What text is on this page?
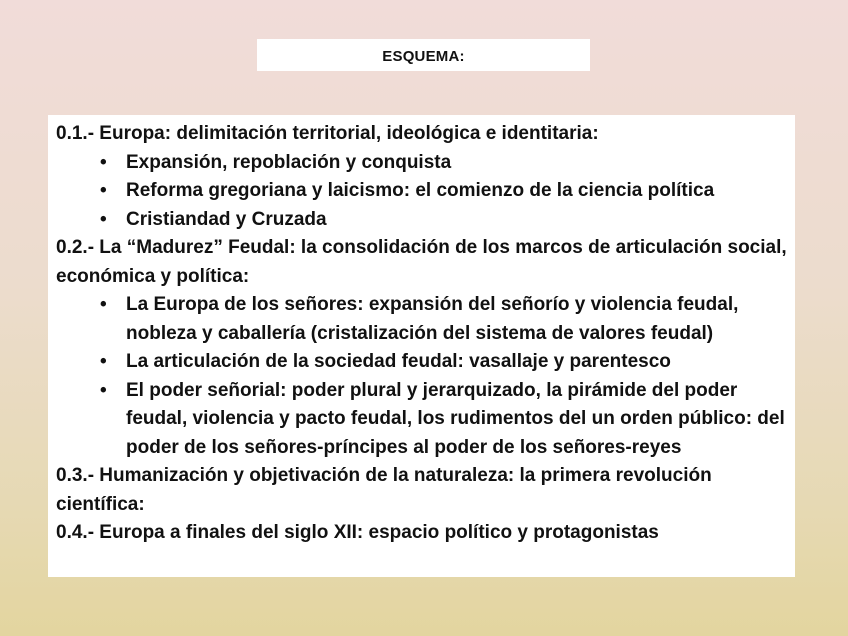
ESQUEMA:
0.1.- Europa: delimitación territorial, ideológica e identitaria:
• Expansión, repoblación y conquista
• Reforma gregoriana y laicismo: el comienzo de la ciencia política
• Cristiandad y Cruzada
0.2.- La “Madurez” Feudal: la consolidación de los marcos de articulación social, económica y política:
• La Europa de los señores: expansión del señorío y violencia feudal, nobleza y caballería (cristalización del sistema de valores feudal)
• La articulación de la sociedad feudal: vasallaje y parentesco
• El poder señorial: poder plural y jerarquizado, la pirámide del poder feudal, violencia y pacto feudal, los rudimentos del un orden público: del poder de los señores-príncipes al poder de los señores-reyes
0.3.- Humanización y objetivación de la naturaleza: la primera revolución científica:
0.4.- Europa a finales del siglo XII: espacio político y protagonistas
